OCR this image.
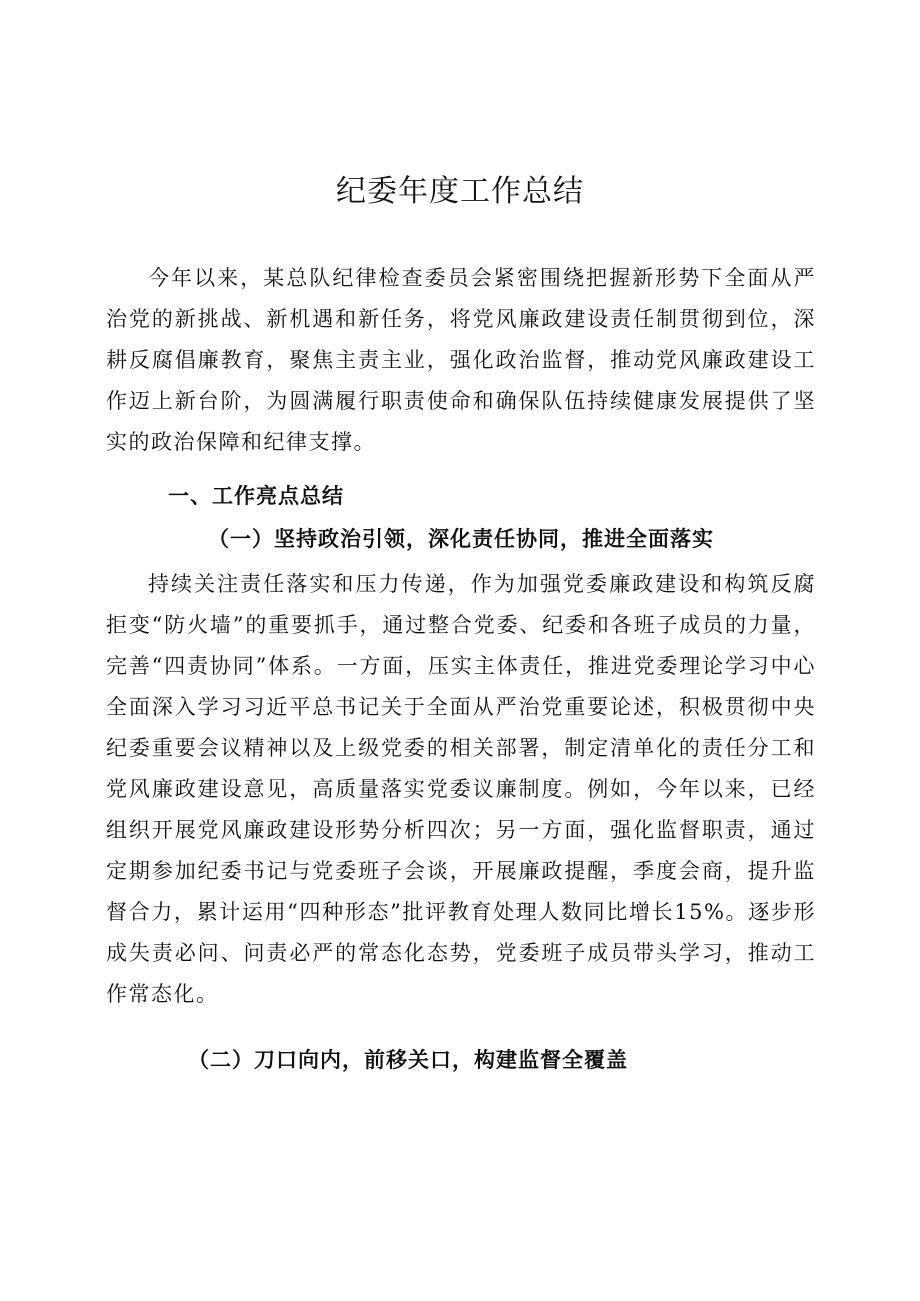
纪委年度工作总结

今年以来，某总队纪律检查委员会紧密围绕把握新形势下全面从严治党的新挑战、新机遇和新任务，将党风廉政建设责任制贯彻到位，深耕反腐倡廉教育，聚焦主责主业，强化政治监督，推动党风廉政建设工作迈上新台阶，为圆满履行职责使命和确保队伍持续健康发展提供了坚实的政治保障和纪律支撑。

一、工作亮点总结
（一）坚持政治引领，深化责任协同，推进全面落实

持续关注责任落实和压力传递，作为加强党委廉政建设和构筑反腐拒变“防火墙”的重要抓手，通过整合党委、纪委和各班子成员的力量，完善“四责协同”体系。一方面，压实主体责任，推进党委理论学习中心全面深入学习习近平总书记关于全面从严治党重要论述，积极贯彻中央纪委重要会议精神以及上级党委的相关部署，制定清单化的责任分工和党风廉政建设意见，高质量落实党委议廉制度。例如，今年以来，已经组织开展党风廉政建设形势分析四次；另一方面，强化监督职责，通过定期参加纪委书记与党委班子会谈，开展廉政提醒，季度会商，提升监督合力，累计运用“四种形态”批评教育处理人数同比增长15%。逐步形成失责必问、问责必严的常态化态势，党委班子成员带头学习，推动工作常态化。

（二）刀口向内，前移关口，构建监督全覆盖
